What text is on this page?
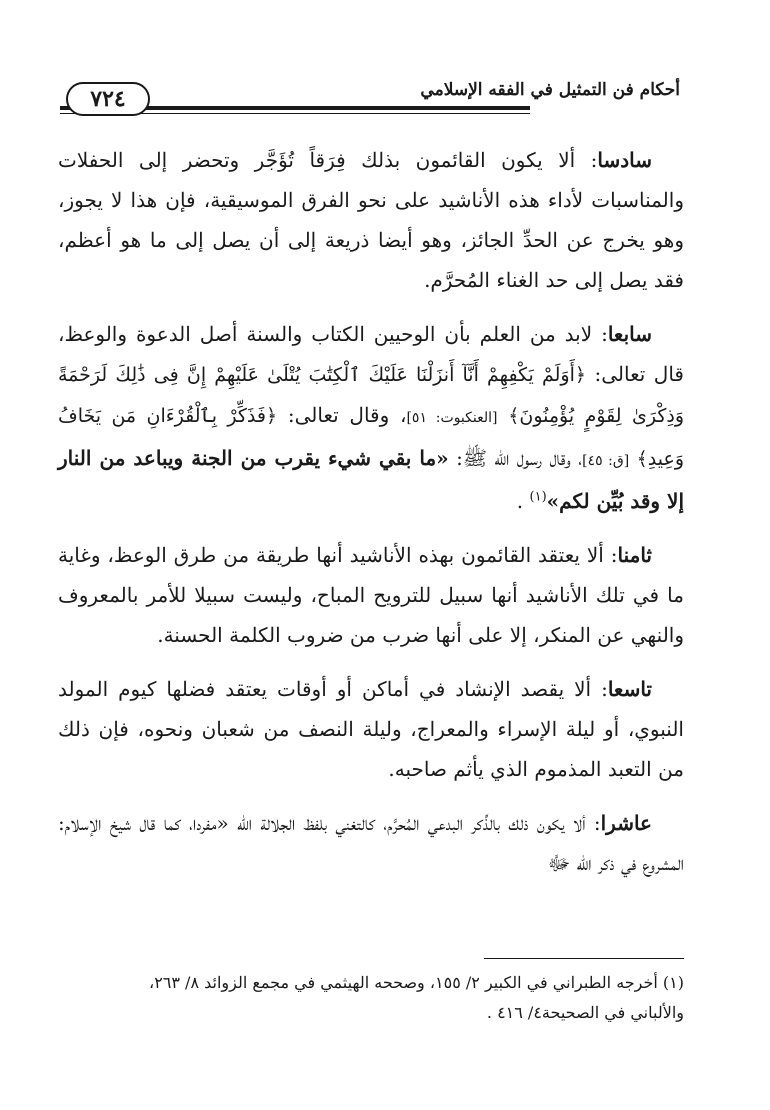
أحكام فن التمثيل في الفقه الإسلامي
٧٢٤

سادسا: ألا يكون القائمون بذلك فِرَقاً تُؤَجَّر وتحضر إلى الحفلات والمناسبات لأداء هذه الأناشيد على نحو الفرق الموسيقية، فإن هذا لا يجوز، وهو يخرج عن الحدِّ الجائز، وهو أيضا ذريعة إلى أن يصل إلى ما هو أعظم، فقد يصل إلى حد الغناء المُحرَّم.

سابعا: لابد من العلم بأن الوحيين الكتاب والسنة أصل الدعوة والوعظ، قال تعالى: ﴿أَوَلَمْ يَكْفِهِمْ أَنَّآ أَنزَلْنَا عَلَيْكَ ٱلْكِتَٰبَ يُتْلَىٰ عَلَيْهِمْ إِنَّ فِى ذَٰلِكَ لَرَحْمَةً وَذِكْرَىٰ لِقَوْمٍ يُؤْمِنُونَ﴾ [العنكبوت: ٥١]، وقال تعالى: ﴿فَذَكِّرْ بِٱلْقُرْءَانِ مَن يَخَافُ وَعِيدِ﴾ [ق: ٤٥]، وقال رسول الله ﷺ: «ما بقي شيء يقرب من الجنة ويباعد من النار إلا وقد بُيِّن لكم»$^{(١)}$ .

ثامنا: ألا يعتقد القائمون بهذه الأناشيد أنها طريقة من طرق الوعظ، وغاية ما في تلك الأناشيد أنها سبيل للترويح المباح، وليست سبيلا للأمر بالمعروف والنهي عن المنكر، إلا على أنها ضرب من ضروب الكلمة الحسنة.

تاسعا: ألا يقصد الإنشاد في أماكن أو أوقات يعتقد فضلها كيوم المولد النبوي، أو ليلة الإسراء والمعراج، وليلة النصف من شعبان ونحوه، فإن ذلك من التعبد المذموم الذي يأثم صاحبه.

عاشرا: ألا يكون ذلك بالذِّكر البدعي المُحرَّم، كالتغني بلفظ الجلالة الله «مفردا، كما قال شيخ الإسلام: المشروع في ذكر الله ﷻ

(١) أخرجه الطبراني في الكبير ٢/ ١٥٥، وصححه الهيثمي في مجمع الزوائد ٨/ ٢٦٣،

والألباني في الصحيحة٤/ ٤١٦ .
